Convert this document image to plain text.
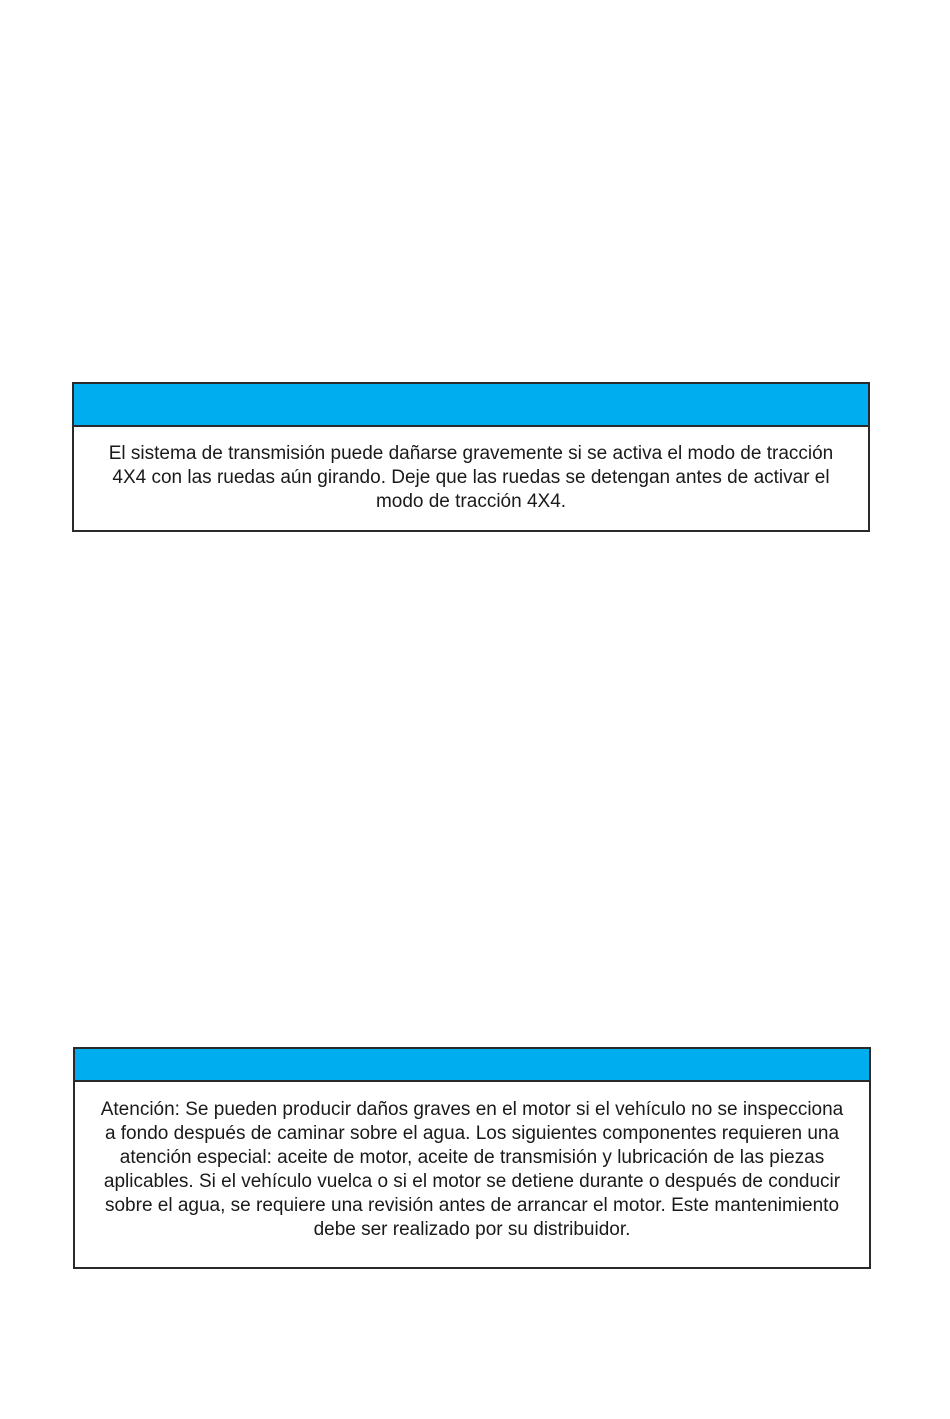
El sistema de transmisión puede dañarse gravemente si se activa el modo de tracción
4X4 con las ruedas aún girando. Deje que las ruedas se detengan antes de activar el
modo de tracción 4X4.
Atención: Se pueden producir daños graves en el motor si el vehículo no se inspecciona
a fondo después de caminar sobre el agua. Los siguientes componentes requieren una
atención especial: aceite de motor, aceite de transmisión y lubricación de las piezas
aplicables. Si el vehículo vuelca o si el motor se detiene durante o después de conducir
sobre el agua, se requiere una revisión antes de arrancar el motor. Este mantenimiento
debe ser realizado por su distribuidor.
